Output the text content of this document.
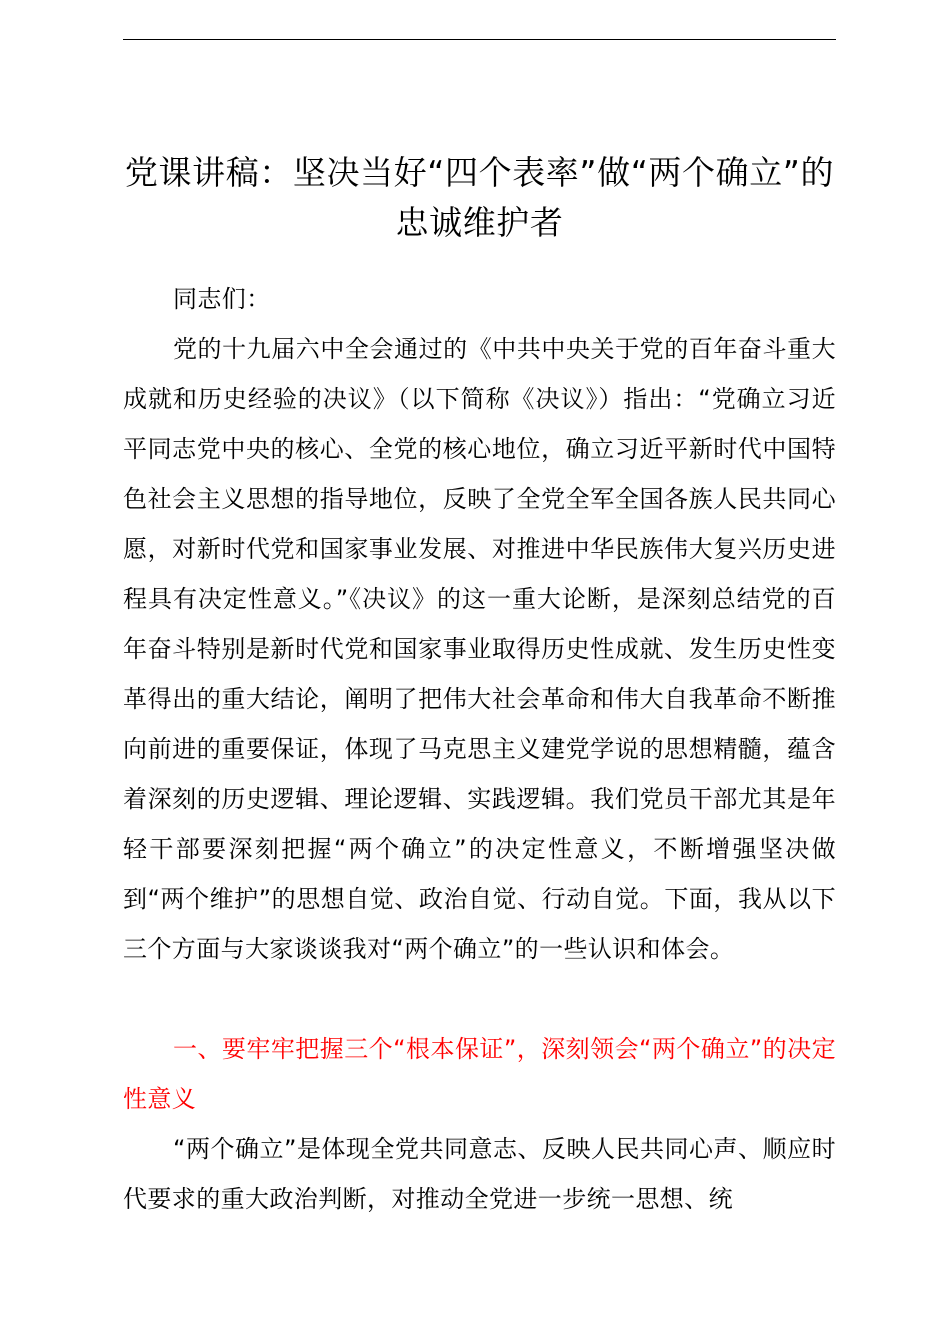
党课讲稿：坚决当好“四个表率”做“两个确立”的忠诚维护者
同志们：
党的十九届六中全会通过的《中共中央关于党的百年奋斗重大成就和历史经验的决议》（以下简称《决议》）指出：“党确立习近平同志党中央的核心、全党的核心地位，确立习近平新时代中国特色社会主义思想的指导地位，反映了全党全军全国各族人民共同心愿，对新时代党和国家事业发展、对推进中华民族伟大复兴历史进程具有决定性意义。”《决议》的这一重大论断，是深刻总结党的百年奋斗特别是新时代党和国家事业取得历史性成就、发生历史性变革得出的重大结论，阐明了把伟大社会革命和伟大自我革命不断推向前进的重要保证，体现了马克思主义建党学说的思想精髓，蕴含着深刻的历史逻辑、理论逻辑、实践逻辑。我们党员干部尤其是年轻干部要深刻把握“两个确立”的决定性意义，不断增强坚决做到“两个维护”的思想自觉、政治自觉、行动自觉。下面，我从以下三个方面与大家谈谈我对“两个确立”的一些认识和体会。
一、要牢牢把握三个“根本保证”，深刻领会“两个确立”的决定性意义
“两个确立”是体现全党共同意志、反映人民共同心声、顺应时代要求的重大政治判断，对推动全党进一步统一思想、统
